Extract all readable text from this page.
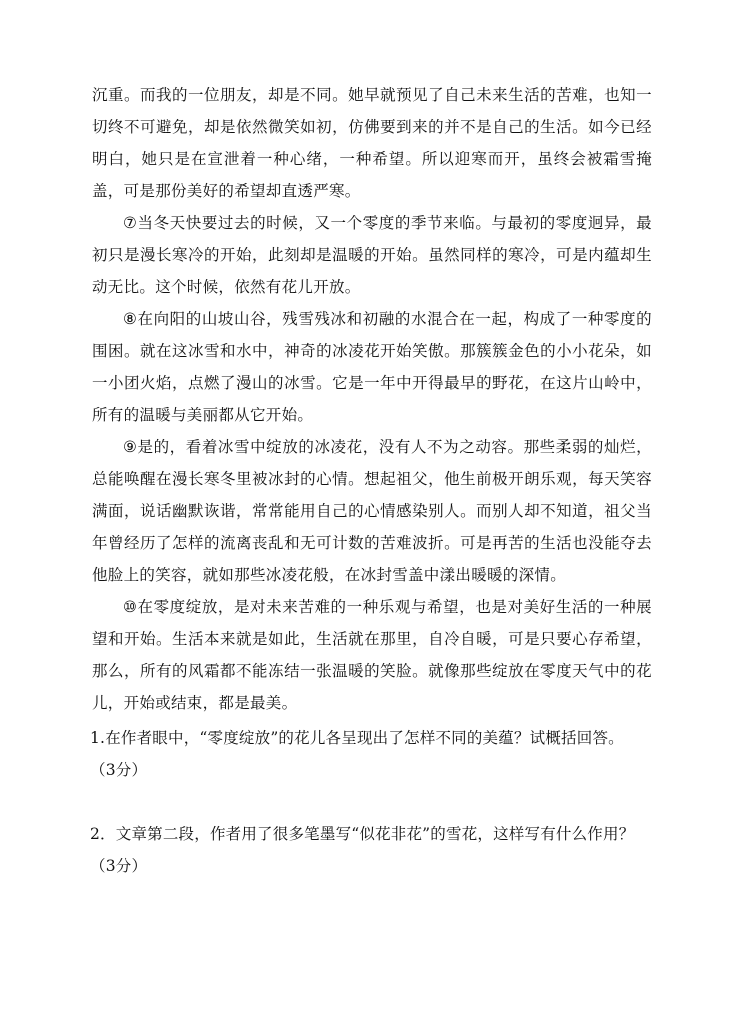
沉重。而我的一位朋友，却是不同。她早就预见了自己未来生活的苦难，也知一切终不可避免，却是依然微笑如初，仿佛要到来的并不是自己的生活。如今已经明白，她只是在宣泄着一种心绪，一种希望。所以迎寒而开，虽终会被霜雪掩盖，可是那份美好的希望却直透严寒。
⑦当冬天快要过去的时候，又一个零度的季节来临。与最初的零度迥异，最初只是漫长寒冷的开始，此刻却是温暖的开始。虽然同样的寒冷，可是内蕴却生动无比。这个时候，依然有花儿开放。
⑧在向阳的山坡山谷，残雪残冰和初融的水混合在一起，构成了一种零度的围困。就在这冰雪和水中，神奇的冰凌花开始笑傲。那簇簇金色的小小花朵，如一小团火焰，点燃了漫山的冰雪。它是一年中开得最早的野花，在这片山岭中，所有的温暖与美丽都从它开始。
⑨是的，看着冰雪中绽放的冰凌花，没有人不为之动容。那些柔弱的灿烂，总能唤醒在漫长寒冬里被冰封的心情。想起祖父，他生前极开朗乐观，每天笑容满面，说话幽默诙谐，常常能用自己的心情感染别人。而别人却不知道，祖父当年曾经历了怎样的流离丧乱和无可计数的苦难波折。可是再苦的生活也没能夺去他脸上的笑容，就如那些冰凌花般，在冰封雪盖中漾出暖暖的深情。
⑩在零度绽放，是对未来苦难的一种乐观与希望，也是对美好生活的一种展望和开始。生活本来就是如此，生活就在那里，自冷自暖，可是只要心存希望，那么，所有的风霜都不能冻结一张温暖的笑脸。就像那些绽放在零度天气中的花儿，开始或结束，都是最美。
1.在作者眼中，“零度绽放”的花儿各呈现出了怎样不同的美蕴？试概括回答。
（3分）
2．文章第二段，作者用了很多笔墨写“似花非花”的雪花，这样写有什么作用？
（3分）
